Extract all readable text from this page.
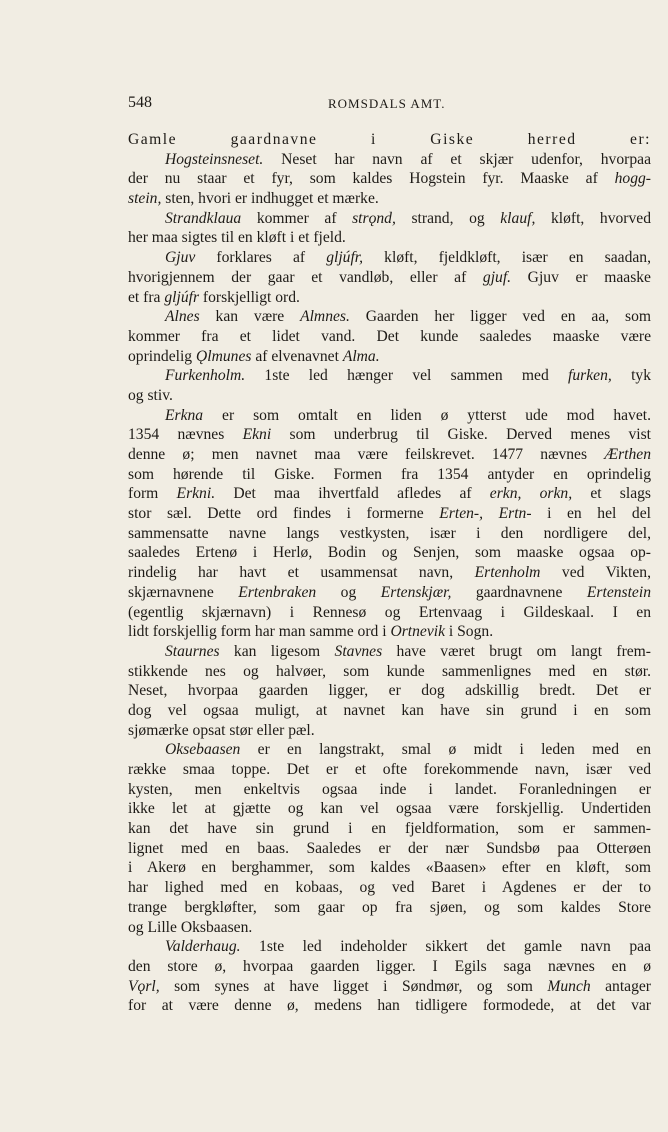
548	ROMSDALS AMT.
Gamle gaardnavne i Giske herred er:
Hogsteinsneset. Neset har navn af et skjær udenfor, hvorpaa
der nu staar et fyr, som kaldes Hogstein fyr. Maaske af hogg-
stein, sten, hvori er indhugget et mærke.
Strandklaua kommer af strǫnd, strand, og klauf, kløft, hvorved
her maa sigtes til en kløft i et fjeld.
Gjuv forklares af gljúfr, kløft, fjeldkløft, især en saadan,
hvorigjennem der gaar et vandløb, eller af gjuf. Gjuv er maaske
et fra gljúfr forskjelligt ord.
Alnes kan være Almnes. Gaarden her ligger ved en aa, som
kommer fra et lidet vand. Det kunde saaledes maaske være
oprindelig Ǫlmunes af elvenavnet Alma.
Furkenholm. 1ste led hænger vel sammen med furken, tyk
og stiv.
Erkna er som omtalt en liden ø ytterst ude mod havet.
1354 nævnes Ekni som underbrug til Giske. Derved menes vist
denne ø; men navnet maa være feilskrevet. 1477 nævnes Ærthen
som hørende til Giske. Formen fra 1354 antyder en oprindelig
form Erkni. Det maa ihvertfald afledes af erkn, orkn, et slags
stor sæl. Dette ord findes i formerne Erten-, Ertn- i en hel del
sammensatte navne langs vestkysten, især i den nordligere del,
saaledes Ertenø i Herlø, Bodin og Senjen, som maaske ogsaa op-
rindelig har havt et usammensat navn, Ertenholm ved Vikten,
skjærnavnene Ertenbraken og Ertenskjær, gaardnavnene Ertenstein
(egentlig skjærnavn) i Rennesø og Ertenvaag i Gildeskaal. I en
lidt forskjellig form har man samme ord i Ortnevik i Sogn.
Staurnes kan ligesom Stavnes have været brugt om langt frem-
stikkende nes og halvøer, som kunde sammenlignes med en stør.
Neset, hvorpaa gaarden ligger, er dog adskillig bredt. Det er
dog vel ogsaa muligt, at navnet kan have sin grund i en som
sjømærke opsat stør eller pæl.
Oksebaasen er en langstrakt, smal ø midt i leden med en
række smaa toppe. Det er et ofte forekommende navn, især ved
kysten, men enkeltvis ogsaa inde i landet. Foranledningen er
ikke let at gjætte og kan vel ogsaa være forskjellig. Undertiden
kan det have sin grund i en fjeldformation, som er sammen-
lignet med en baas. Saaledes er der nær Sundsbø paa Otterøen
i Akerø en berghammer, som kaldes «Baasen» efter en kløft, som
har lighed med en kobaas, og ved Baret i Agdenes er der to
trange bergkløfter, som gaar op fra sjøen, og som kaldes Store
og Lille Oksbaasen.
Valderhaug. 1ste led indeholder sikkert det gamle navn paa
den store ø, hvorpaa gaarden ligger. I Egils saga nævnes en ø
Vǫrl, som synes at have ligget i Søndmør, og som Munch antager
for at være denne ø, medens han tidligere formodede, at det var
